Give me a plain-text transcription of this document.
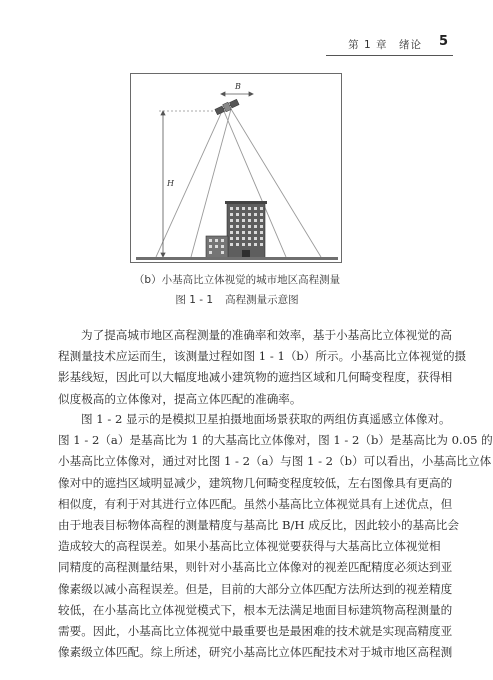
第 1 章　绪论 5
B
H
（b）小基高比立体视觉的城市地区高程测量
图 1 - 1 高程测量示意图
为了提高城市地区高程测量的准确率和效率，基于小基高比立体视觉的高
程测量技术应运而生，该测量过程如图 1 - 1（b）所示。小基高比立体视觉的摄
影基线短，因此可以大幅度地减小建筑物的遮挡区域和几何畸变程度，获得相
似度极高的立体像对，提高立体匹配的准确率。
图 1 - 2 显示的是模拟卫星拍摄地面场景获取的两组仿真遥感立体像对。
图 1 - 2（a）是基高比为 1 的大基高比立体像对，图 1 - 2（b）是基高比为 0.05 的
小基高比立体像对，通过对比图 1 - 2（a）与图 1 - 2（b）可以看出，小基高比立体
像对中的遮挡区域明显减少，建筑物几何畸变程度较低，左右图像具有更高的
相似度，有利于对其进行立体匹配。虽然小基高比立体视觉具有上述优点，但
由于地表目标物体高程的测量精度与基高比 B/H 成反比，因此较小的基高比会
造成较大的高程误差。如果小基高比立体视觉要获得与大基高比立体视觉相
同精度的高程测量结果，则针对小基高比立体像对的视差匹配精度必须达到亚
像素级以减小高程误差。但是，目前的大部分立体匹配方法所达到的视差精度
较低，在小基高比立体视觉模式下，根本无法满足地面目标建筑物高程测量的
需要。因此，小基高比立体视觉中最重要也是最困难的技术就是实现高精度亚
像素级立体匹配。综上所述，研究小基高比立体匹配技术对于城市地区高程测
